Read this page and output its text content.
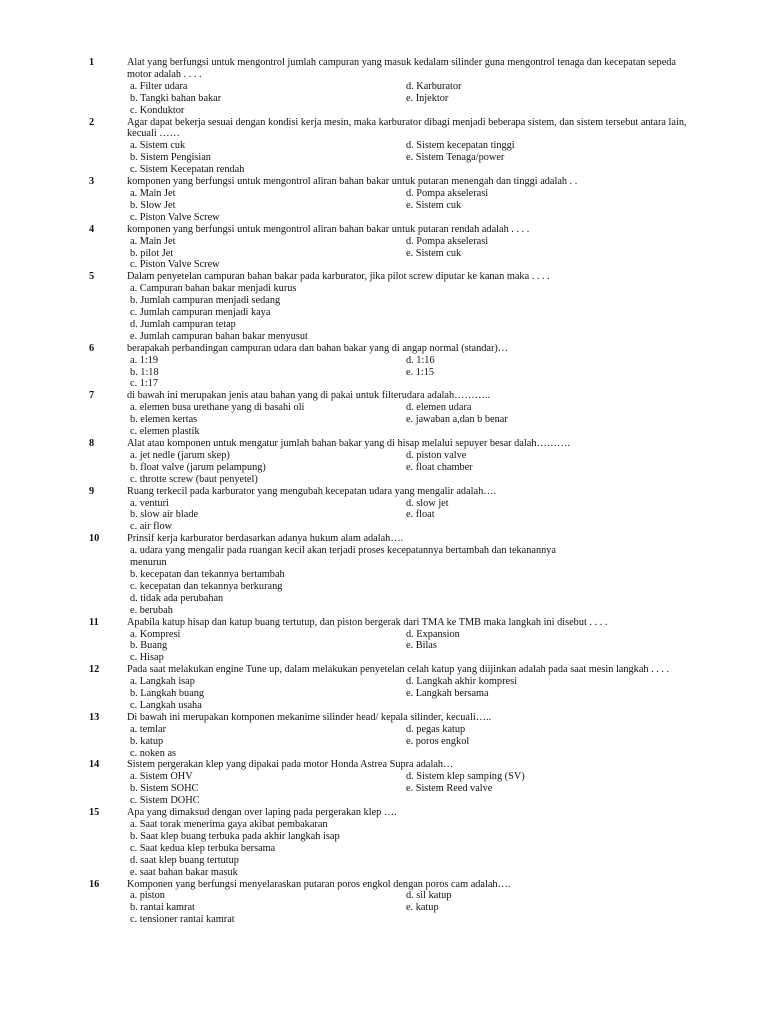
1	Alat yang berfungsi untuk mengontrol jumlah campuran yang masuk kedalam silinder guna mengontrol tenaga dan kecepatan sepeda motor adalah . . . .
a. Filter udara	d. Karburator
b. Tangki bahan bakar	e. Injektor
c. Konduktor
2	Agar dapat bekerja sesuai dengan kondisi kerja mesin, maka karburator dibagi menjadi beberapa sistem, dan sistem tersebut antara lain, kecuali ……
a. Sistem cuk	d. Sistem kecepatan tinggi
b. Sistem Pengisian	e. Sistem Tenaga/power
c. Sistem Kecepatan rendah
3	komponen yang berfungsi untuk mengontrol aliran bahan bakar untuk putaran menengah dan tinggi adalah . .
a. Main Jet	d. Pompa akselerasi
b. Slow Jet	e. Sistem cuk
c. Piston Valve Screw
4	komponen yang berfungsi untuk mengontrol aliran bahan bakar untuk putaran rendah adalah . . . .
a. Main Jet	d. Pompa akselerasi
b. pilot Jet	e. Sistem cuk
c. Piston Valve Screw
5	Dalam penyetelan campuran bahan bakar pada karburator, jika pilot screw diputar ke kanan maka . . . .
a. Campuran bahan bakar menjadi kurus
b. Jumlah campuran menjadi sedang
c. Jumlah campuran menjadi kaya
d. Jumlah campuran tetap
e. Jumlah campuran bahan bakar menyusut
6	berapakah perbandingan campuran udara dan bahan bakar yang di angap normal (standar)…
a. 1:19	d. 1:16
b. 1:18	e. 1:15
c. 1:17
7	di bawah ini merupakan jenis atau bahan yang di pakai untuk filterudara adalah………..
a. elemen busa urethane yang di basahi oli	d. elemen udara
b. elemen kertas	e. jawaban a,dan b benar
c. elemen plastik
8	Alat atau komponen untuk mengatur jumlah bahan bakar yang di hisap melalui sepuyer besar dalah……….
a. jet nedle (jarum skep)	d. piston valve
b. float valve (jarum pelampung)	e. float chamber
c. throtte screw (baut penyetel)
9	Ruang terkecil pada karburator yang mengubah kecepatan udara yang mengalir adalah….
a. venturi	d. slow jet
b. slow air blade	e. float
c. air flow
10	Prinsif kerja karburator berdasarkan adanya hukum alam adalah….
a. udara yang mengalir pada ruangan kecil akan terjadi proses kecepatannya bertambah dan tekanannya
menurun
b. kecepatan dan tekannya bertambah
c. kecepatan dan tekannya berkurang
d. tidak ada perubahan
e. berubah
11	Apabila katup hisap dan katup buang tertutup, dan piston bergerak dari TMA ke TMB maka langkah ini disebut . . . .
a. Kompresi	d. Expansion
b. Buang	e. Bilas
c. Hisap
12	Pada saat melakukan engine Tune up, dalam melakukan penyetelan celah katup yang diijinkan adalah pada saat mesin langkah . . . .
a. Langkah isap	d. Langkah akhir kompresi
b. Langkah buang	e. Langkah bersama
c. Langkah usaha
13	Di bawah ini merupakan komponen mekanime silinder head/ kepala silinder, kecuali…..
a. temlar	d. pegas katup
b. katup	e. poros engkol
c. noken as
14	Sistem pergerakan klep yang dipakai pada motor Honda Astrea Supra adalah…
a. Sistem OHV	d. Sistem klep samping (SV)
b. Sistem SOHC	e. Sistem Reed valve
c. Sistem DOHC
15	Apa yang dimaksud dengan over laping pada pergerakan klep ….
a. Saat torak menerima gaya akibat pembakaran
b. Saat klep buang terbuka pada akhir langkah isap
c. Saat kedua klep terbuka bersama
d. saat klep buang tertutup
e. saat bahan bakar masuk
16	Komponen yang berfungsi menyelaraskan putaran poros engkol dengan poros cam adalah….
a. piston	d. sil katup
b. rantai kamrat	e. katup
c. tensioner rantai kamrat
